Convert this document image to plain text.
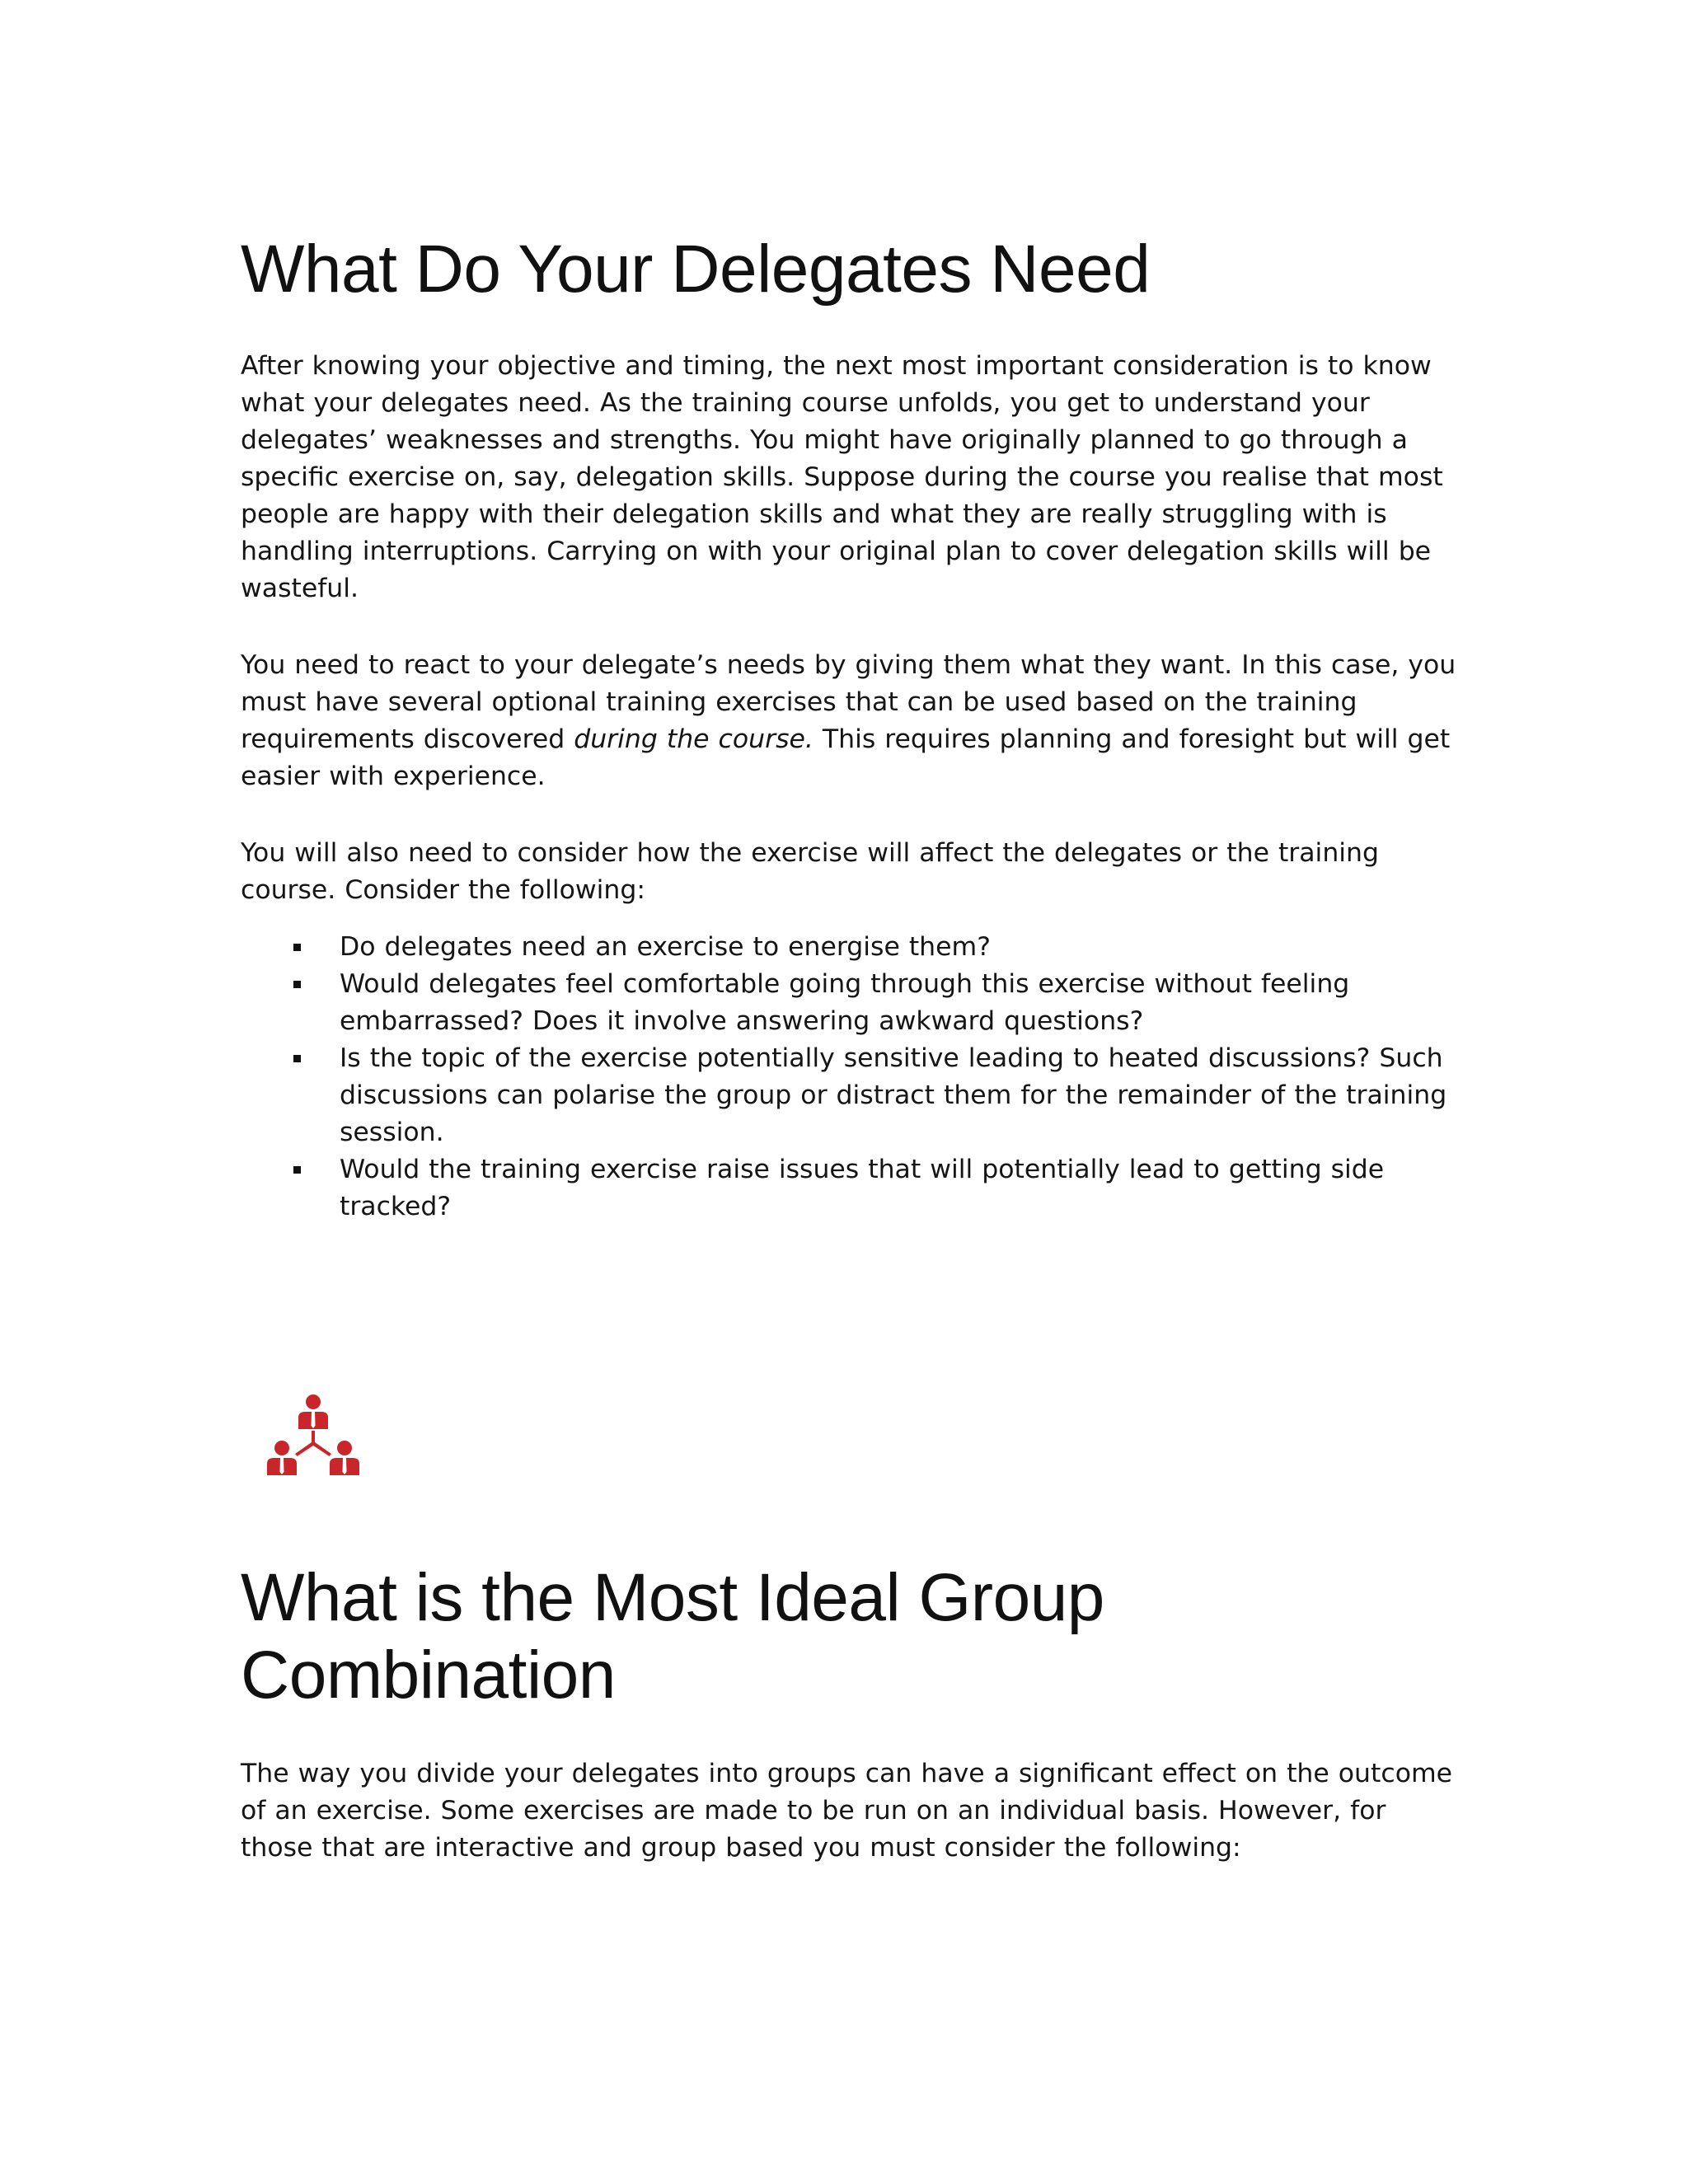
What Do Your Delegates Need

After knowing your objective and timing, the next most important consideration is to know what your delegates need. As the training course unfolds, you get to understand your delegates’ weaknesses and strengths. You might have originally planned to go through a specific exercise on, say, delegation skills. Suppose during the course you realise that most people are happy with their delegation skills and what they are really struggling with is handling interruptions. Carrying on with your original plan to cover delegation skills will be wasteful.

You need to react to your delegate’s needs by giving them what they want. In this case, you must have several optional training exercises that can be used based on the training requirements discovered during the course. This requires planning and foresight but will get easier with experience.

You will also need to consider how the exercise will affect the delegates or the training course. Consider the following:

Do delegates need an exercise to energise them?
Would delegates feel comfortable going through this exercise without feeling embarrassed? Does it involve answering awkward questions?
Is the topic of the exercise potentially sensitive leading to heated discussions? Such discussions can polarise the group or distract them for the remainder of the training session.
Would the training exercise raise issues that will potentially lead to getting side tracked?
What is the Most Ideal Group Combination

The way you divide your delegates into groups can have a significant effect on the outcome of an exercise. Some exercises are made to be run on an individual basis. However, for those that are interactive and group based you must consider the following:
